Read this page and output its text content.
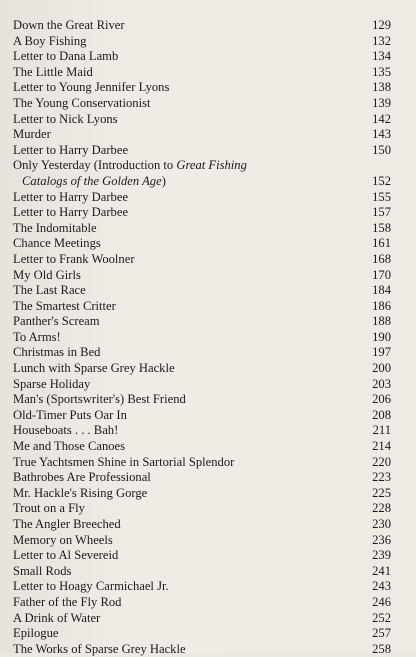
Down the Great River	129
A Boy Fishing	132
Letter to Dana Lamb	134
The Little Maid	135
Letter to Young Jennifer Lyons	138
The Young Conservationist	139
Letter to Nick Lyons	142
Murder	143
Letter to Harry Darbee	150
Only Yesterday (Introduction to Great Fishing
Catalogs of the Golden Age)	152
Letter to Harry Darbee	155
Letter to Harry Darbee	157
The Indomitable	158
Chance Meetings	161
Letter to Frank Woolner	168
My Old Girls	170
The Last Race	184
The Smartest Critter	186
Panther's Scream	188
To Arms!	190
Christmas in Bed	197
Lunch with Sparse Grey Hackle	200
Sparse Holiday	203
Man's (Sportswriter's) Best Friend	206
Old-Timer Puts Oar In	208
Houseboats . . . Bah!	211
Me and Those Canoes	214
True Yachtsmen Shine in Sartorial Splendor	220
Bathrobes Are Professional	223
Mr. Hackle's Rising Gorge	225
Trout on a Fly	228
The Angler Breeched	230
Memory on Wheels	236
Letter to Al Severeid	239
Small Rods	241
Letter to Hoagy Carmichael Jr.	243
Father of the Fly Rod	246
A Drink of Water	252
Epilogue	257
The Works of Sparse Grey Hackle	258
